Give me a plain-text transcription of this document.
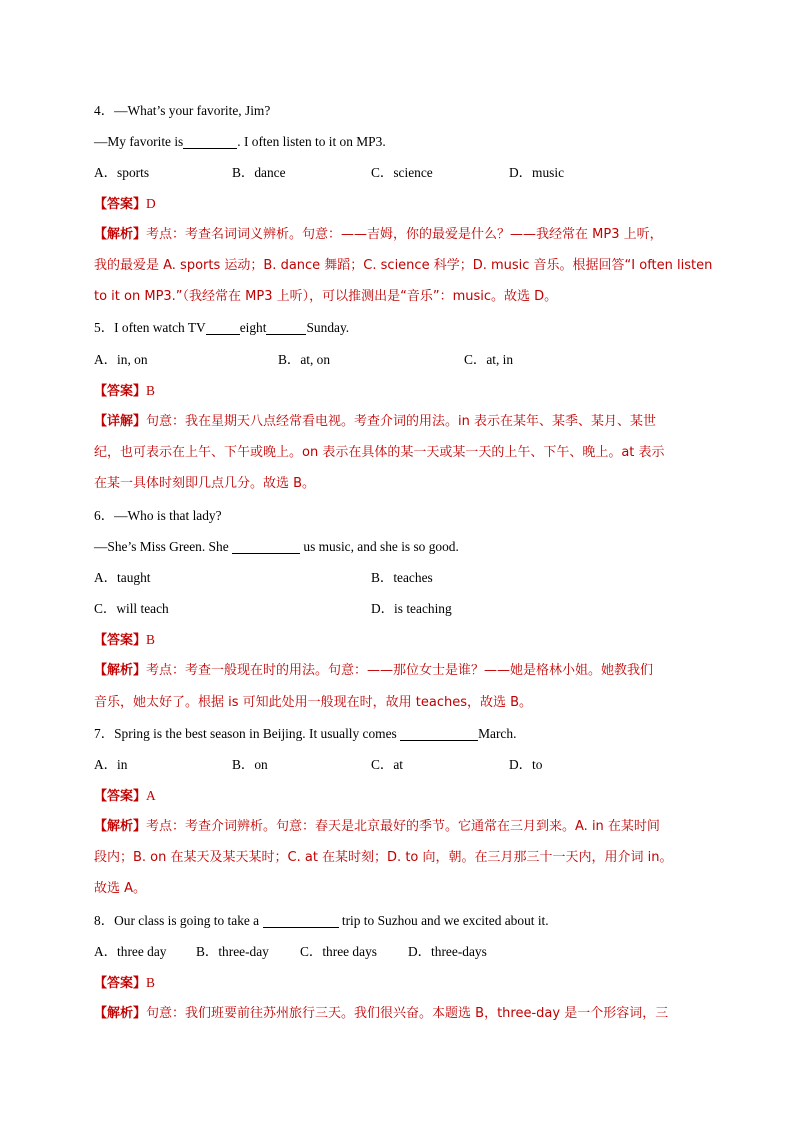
4．—What’s your favorite, Jim?
—My favorite is	. I often listen to it on MP3.
A．sports	B．dance	C．science	D．music
【答案】D
【解析】考点：考查名词词义辨析。句意：——吉姆，你的最爱是什么？——我经常在 MP3 上听，
我的最爱是 A. sports 运动；B. dance 舞蹈；C. science 科学；D. music 音乐。根据回答“I often listen
to it on MP3.”（我经常在 MP3 上听），可以推测出是“音乐”：music。故选 D。
5．I often watch TV	eight	Sunday.
A．in, on	B．at, on	C．at, in
【答案】B
【详解】句意：我在星期天八点经常看电视。考查介词的用法。in 表示在某年、某季、某月、某世
纪，也可表示在上午、下午或晚上。on 表示在具体的某一天或某一天的上午、下午、晚上。at 表示
在某一具体时刻即几点几分。故选 B。
6．—Who is that lady?
—She’s Miss Green. She	us music, and she is so good.
A．taught	B．teaches
C．will teach	D．is teaching
【答案】B
【解析】考点：考查一般现在时的用法。句意：——那位女士是谁？——她是格林小姐。她教我们
音乐，她太好了。根据 is 可知此处用一般现在时，故用 teaches，故选 B。
7．Spring is the best season in Beijing. It usually comes	March.
A．in	B．on	C．at	D．to
【答案】A
【解析】考点：考查介词辨析。句意：春天是北京最好的季节。它通常在三月到来。A. in 在某时间
段内；B. on 在某天及某天某时；C. at 在某时刻；D. to 向，朝。在三月那三十一天内，用介词 in。
故选 A。
8．Our class is going to take a	trip to Suzhou and we excited about it.
A．three day B．three-day C．three days D．three-days
【答案】B
【解析】句意：我们班要前往苏州旅行三天。我们很兴奋。本题选 B，three-day 是一个形容词，三
